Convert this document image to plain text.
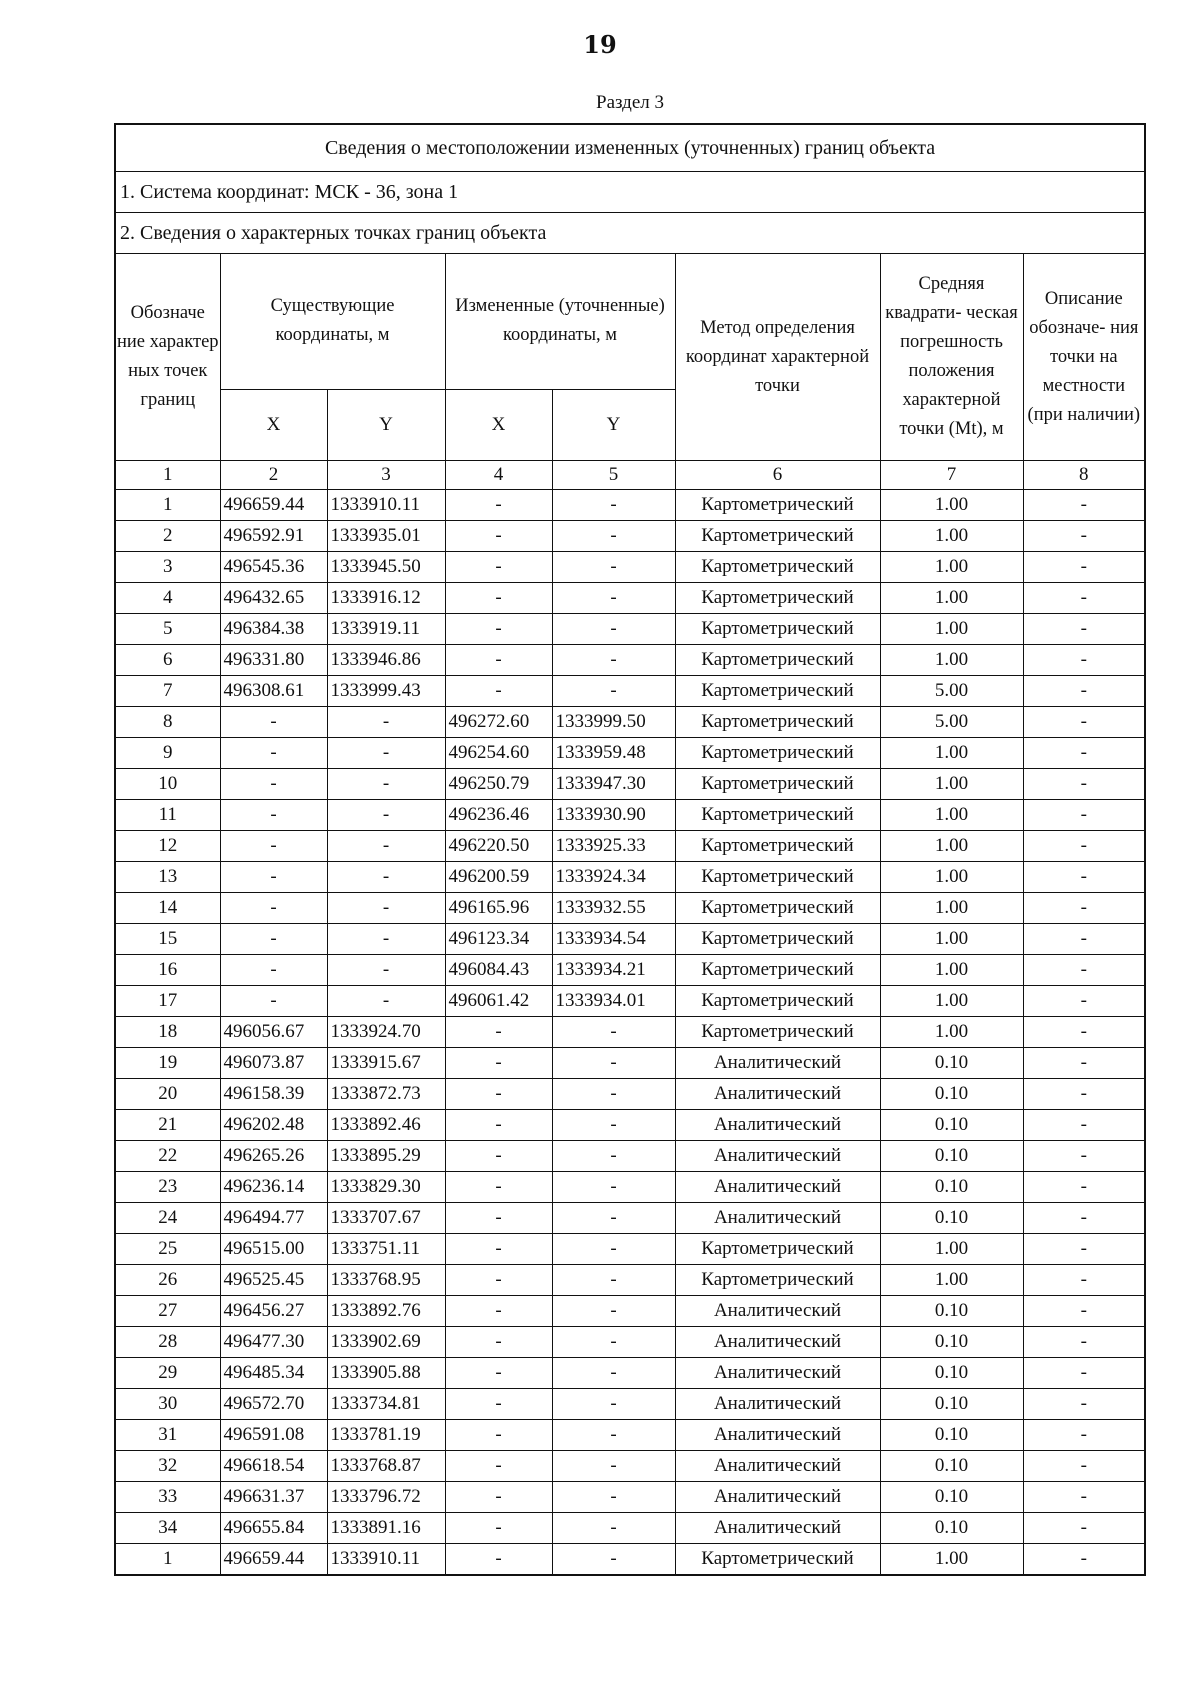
19
Раздел 3
Сведения о местоположении измененных (уточненных) границ объекта							
1. Система координат: МСК - 36, зона 1							
2. Сведения о характерных точках границ объекта							
Обозначе ние характер ных точек границ	Существующие координаты, м		Измененные (уточненные) координаты, м		Метод определения координат характерной точки	Средняя квадрати- ческая погрешность положения характерной точки (Mt), м	Описание обозначе- ния точки на местности (при наличии)
	X	Y	X	Y			
1	2	3	4	5	6	7	8
1	496659.44	1333910.11	-	-	Картометрический	1.00	-
2	496592.91	1333935.01	-	-	Картометрический	1.00	-
3	496545.36	1333945.50	-	-	Картометрический	1.00	-
4	496432.65	1333916.12	-	-	Картометрический	1.00	-
5	496384.38	1333919.11	-	-	Картометрический	1.00	-
6	496331.80	1333946.86	-	-	Картометрический	1.00	-
7	496308.61	1333999.43	-	-	Картометрический	5.00	-
8	-	-	496272.60	1333999.50	Картометрический	5.00	-
9	-	-	496254.60	1333959.48	Картометрический	1.00	-
10	-	-	496250.79	1333947.30	Картометрический	1.00	-
11	-	-	496236.46	1333930.90	Картометрический	1.00	-
12	-	-	496220.50	1333925.33	Картометрический	1.00	-
13	-	-	496200.59	1333924.34	Картометрический	1.00	-
14	-	-	496165.96	1333932.55	Картометрический	1.00	-
15	-	-	496123.34	1333934.54	Картометрический	1.00	-
16	-	-	496084.43	1333934.21	Картометрический	1.00	-
17	-	-	496061.42	1333934.01	Картометрический	1.00	-
18	496056.67	1333924.70	-	-	Картометрический	1.00	-
19	496073.87	1333915.67	-	-	Аналитический	0.10	-
20	496158.39	1333872.73	-	-	Аналитический	0.10	-
21	496202.48	1333892.46	-	-	Аналитический	0.10	-
22	496265.26	1333895.29	-	-	Аналитический	0.10	-
23	496236.14	1333829.30	-	-	Аналитический	0.10	-
24	496494.77	1333707.67	-	-	Аналитический	0.10	-
25	496515.00	1333751.11	-	-	Картометрический	1.00	-
26	496525.45	1333768.95	-	-	Картометрический	1.00	-
27	496456.27	1333892.76	-	-	Аналитический	0.10	-
28	496477.30	1333902.69	-	-	Аналитический	0.10	-
29	496485.34	1333905.88	-	-	Аналитический	0.10	-
30	496572.70	1333734.81	-	-	Аналитический	0.10	-
31	496591.08	1333781.19	-	-	Аналитический	0.10	-
32	496618.54	1333768.87	-	-	Аналитический	0.10	-
33	496631.37	1333796.72	-	-	Аналитический	0.10	-
34	496655.84	1333891.16	-	-	Аналитический	0.10	-
1	496659.44	1333910.11	-	-	Картометрический	1.00	-
